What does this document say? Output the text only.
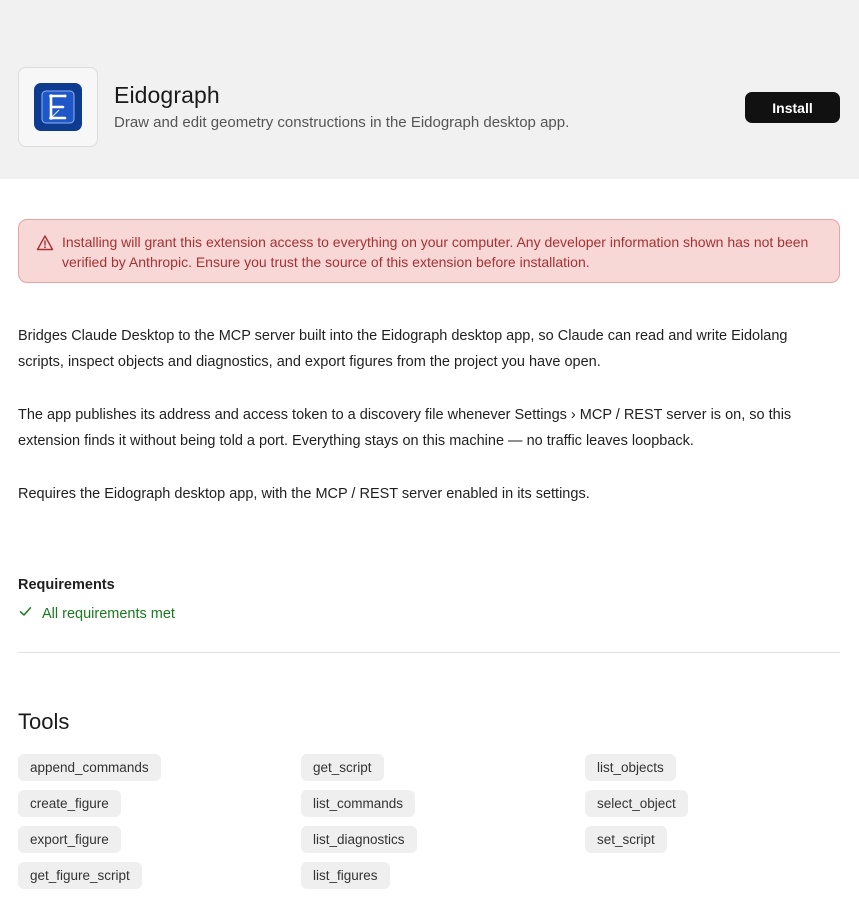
Eidograph
Draw and edit geometry constructions in the Eidograph desktop app.
Install
Installing will grant this extension access to everything on your computer. Any developer information shown has not been verified by Anthropic. Ensure you trust the source of this extension before installation.

Bridges Claude Desktop to the MCP server built into the Eidograph desktop app, so Claude can read and write Eidolang scripts, inspect objects and diagnostics, and export figures from the project you have open.

The app publishes its address and access token to a discovery file whenever Settings › MCP / REST server is on, so this extension finds it without being told a port. Everything stays on this machine — no traffic leaves loopback.

Requires the Eidograph desktop app, with the MCP / REST server enabled in its settings.

Requirements
All requirements met
Tools
append_commands
create_figure
export_figure
get_figure_script
get_script
list_commands
list_diagnostics
list_figures
list_objects
select_object
set_script
